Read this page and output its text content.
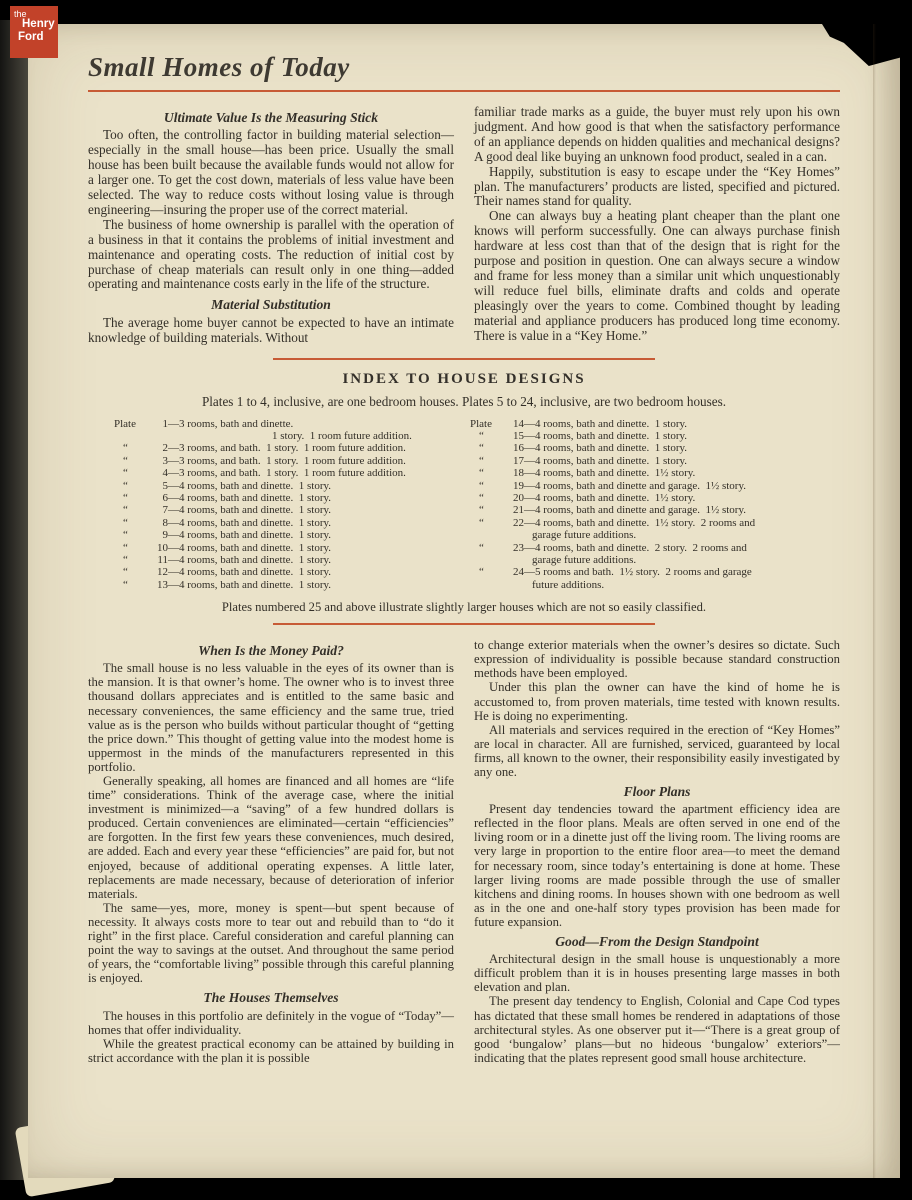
Small Homes of Today

Ultimate Value Is the Measuring Stick

Too often, the controlling factor in building material selection—especially in the small house—has been price. Usually the small house has been built because the available funds would not allow for a larger one. To get the cost down, materials of less value have been selected. The way to reduce costs without losing value is through engineering—insuring the proper use of the correct material.

The business of home ownership is parallel with the operation of a business in that it contains the problems of initial investment and maintenance and operating costs. The reduction of initial cost by purchase of cheap materials can result only in one thing—added operating and maintenance costs early in the life of the structure.

Material Substitution

The average home buyer cannot be expected to have an intimate knowledge of building materials. Without

familiar trade marks as a guide, the buyer must rely upon his own judgment. And how good is that when the satisfactory performance of an appliance depends on hidden qualities and mechanical designs? A good deal like buying an unknown food product, sealed in a can.

Happily, substitution is easy to escape under the “Key Homes” plan. The manufacturers’ products are listed, specified and pictured. Their names stand for quality.

One can always buy a heating plant cheaper than the plant one knows will perform successfully. One can always purchase finish hardware at less cost than that of the design that is right for the purpose and position in question. One can always secure a window and frame for less money than a similar unit which unquestionably will reduce fuel bills, eliminate drafts and colds and operate pleasingly over the years to come. Combined thought by leading material and appliance producers has produced long time economy. There is value in a “Key Home.”

INDEX TO HOUSE DESIGNS

Plates 1 to 4, inclusive, are one bedroom houses. Plates 5 to 24, inclusive, are two bedroom houses.

Plate	1 —3 rooms, bath and dinette.
1 story.  1 room future addition.
“	2 —3 rooms, and bath.  1 story.  1 room future addition.
“	3 —3 rooms, and bath.  1 story.  1 room future addition.
“	4 —3 rooms, and bath.  1 story.  1 room future addition.
“	5 —4 rooms, bath and dinette.  1 story.
“	6 —4 rooms, bath and dinette.  1 story.
“	7 —4 rooms, bath and dinette.  1 story.
“	8 —4 rooms, bath and dinette.  1 story.
“	9 —4 rooms, bath and dinette.  1 story.
“	10 —4 rooms, bath and dinette.  1 story.
“	11 —4 rooms, bath and dinette.  1 story.
“	12 —4 rooms, bath and dinette.  1 story.
“	13 —4 rooms, bath and dinette.  1 story.
Plate	14 —4 rooms, bath and dinette.  1 story.
“	15 —4 rooms, bath and dinette.  1 story.
“	16 —4 rooms, bath and dinette.  1 story.
“	17 —4 rooms, bath and dinette.  1 story.
“	18 —4 rooms, bath and dinette.  1½ story.
“	19 —4 rooms, bath and dinette and garage.  1½ story.
“	20 —4 rooms, bath and dinette.  1½ story.
“	21 —4 rooms, bath and dinette and garage.  1½ story.
“	22 —4 rooms, bath and dinette.  1½ story.  2 rooms and
garage future additions.
“	23 —4 rooms, bath and dinette.  2 story.  2 rooms and
garage future additions.
“	24 —5 rooms and bath.  1½ story.  2 rooms and garage
future additions.

Plates numbered 25 and above illustrate slightly larger houses which are not so easily classified.

When Is the Money Paid?

The small house is no less valuable in the eyes of its owner than is the mansion. It is that owner’s home. The owner who is to invest three thousand dollars appreciates and is entitled to the same basic and necessary conveniences, the same efficiency and the same true, tried value as is the person who builds without particular thought of “getting the price down.” This thought of getting value into the modest home is uppermost in the minds of the manufacturers represented in this portfolio.

Generally speaking, all homes are financed and all homes are “life time” considerations. Think of the average case, where the initial investment is minimized—a “saving” of a few hundred dollars is produced. Certain conveniences are eliminated—certain “efficiencies” are forgotten. In the first few years these conveniences, much desired, are added. Each and every year these “efficiencies” are paid for, but not enjoyed, because of additional operating expenses. A little later, replacements are made necessary, because of deterioration of inferior materials.

The same—yes, more, money is spent—but spent because of necessity. It always costs more to tear out and rebuild than to “do it right” in the first place. Careful consideration and careful planning can point the way to savings at the outset. And throughout the same period of years, the “comfortable living” possible through this careful planning is enjoyed.

The Houses Themselves

The houses in this portfolio are definitely in the vogue of “Today”—homes that offer individuality.

While the greatest practical economy can be attained by building in strict accordance with the plan it is possible

to change exterior materials when the owner’s desires so dictate. Such expression of individuality is possible because standard construction methods have been employed.

Under this plan the owner can have the kind of home he is accustomed to, from proven materials, time tested with known results. He is doing no experimenting.

All materials and services required in the erection of “Key Homes” are local in character. All are furnished, serviced, guaranteed by local firms, all known to the owner, their responsibility easily investigated by any one.

Floor Plans

Present day tendencies toward the apartment efficiency idea are reflected in the floor plans. Meals are often served in one end of the living room or in a dinette just off the living room. The living rooms are very large in proportion to the entire floor area—to meet the demand for necessary room, since today’s entertaining is done at home. These larger living rooms are made possible through the use of smaller kitchens and dining rooms. In houses shown with one bedroom as well as in the one and one-half story types provision has been made for future expansion.

Good—From the Design Standpoint

Architectural design in the small house is unquestionably a more difficult problem than it is in houses presenting large masses in both elevation and plan.

The present day tendency to English, Colonial and Cape Cod types has dictated that these small homes be rendered in adaptations of those architectural styles. As one observer put it—“There is a great group of good ‘bungalow’ plans—but no hideous ‘bungalow’ exteriors”—indicating that the plates represent good small house architecture.

the
Henry
Ford
